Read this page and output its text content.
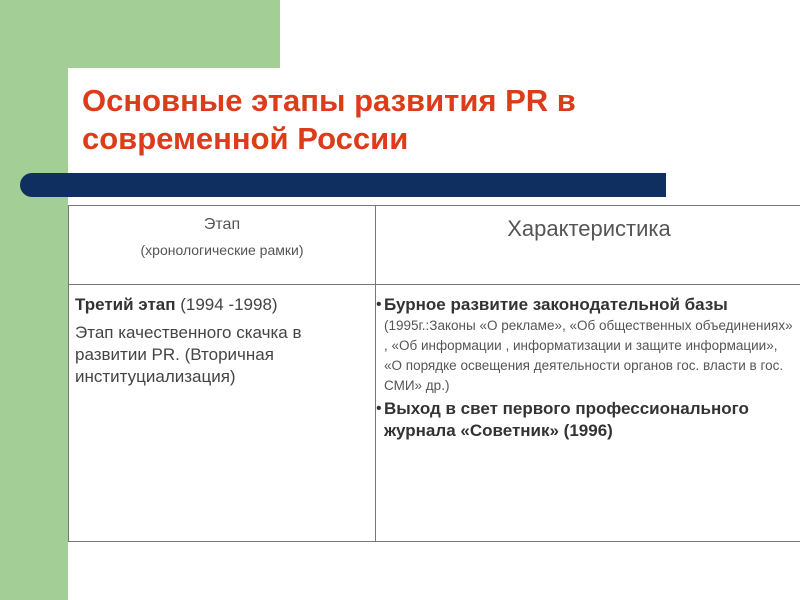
Основные этапы развития PR в современной России
Этап
(хронологические рамки)
Характеристика

Третий этап (1994 -1998)

Этап качественного скачка в развитии PR. (Вторичная институциализация)

• Бурное развитие законодательной базы (1995г.:Законы «О рекламе», «Об общественных объединениях» , «Об информации , информатизации и защите информации», «О порядке освещения деятельности органов гос. власти в гос. СМИ» др.)
• Выход в свет первого профессионального журнала «Советник» (1996)
